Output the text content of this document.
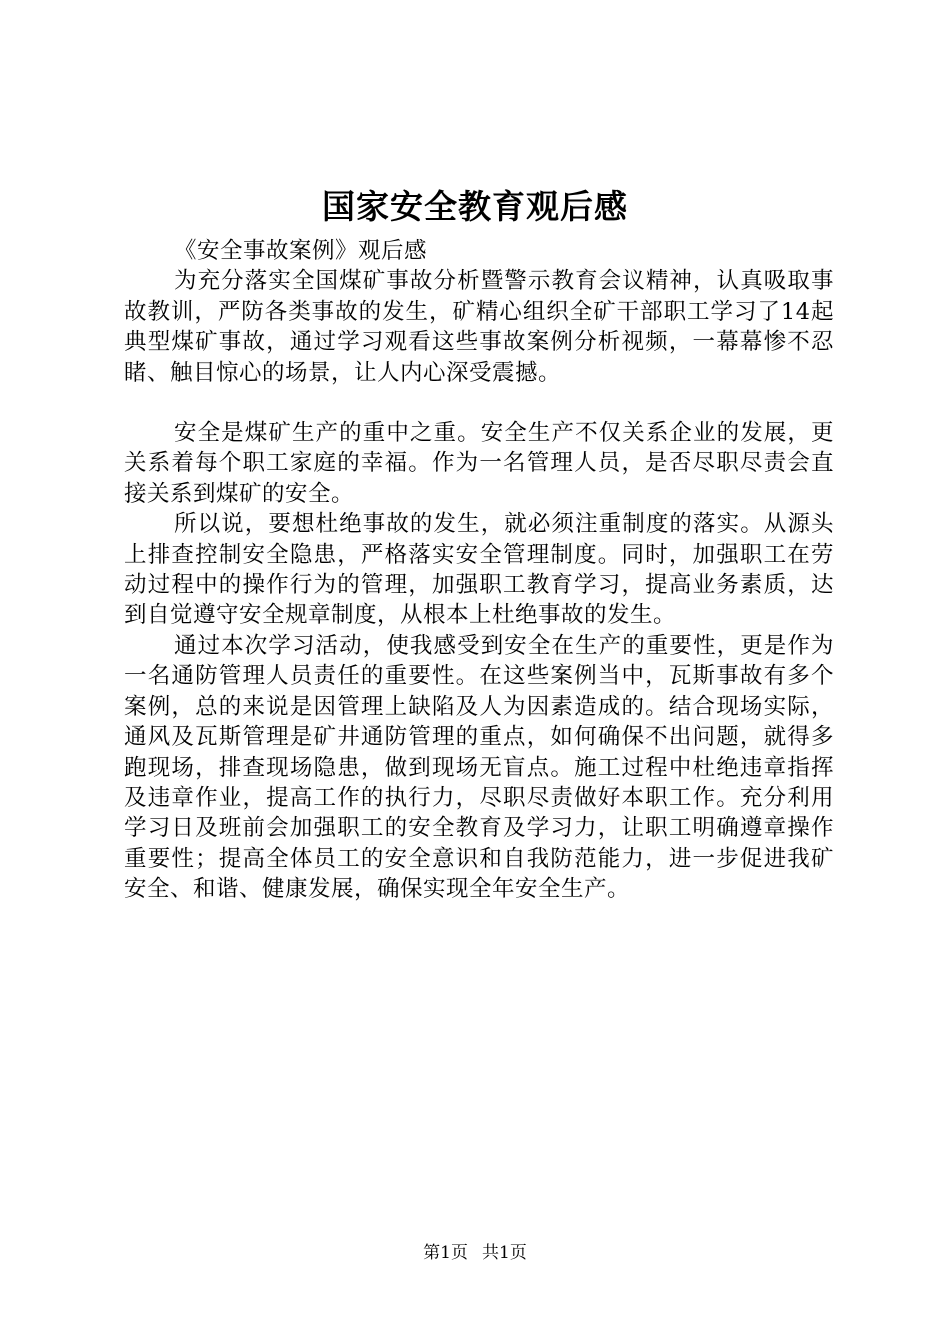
国家安全教育观后感

《安全事故案例》观后感

为充分落实全国煤矿事故分析暨警示教育会议精神，认真吸取事故教训，严防各类事故的发生，矿精心组织全矿干部职工学习了14起典型煤矿事故，通过学习观看这些事故案例分析视频，一幕幕惨不忍睹、触目惊心的场景，让人内心深受震撼。

安全是煤矿生产的重中之重。安全生产不仅关系企业的发展，更关系着每个职工家庭的幸福。作为一名管理人员，是否尽职尽责会直接关系到煤矿的安全。

所以说，要想杜绝事故的发生，就必须注重制度的落实。从源头上排查控制安全隐患，严格落实安全管理制度。同时，加强职工在劳动过程中的操作行为的管理，加强职工教育学习，提高业务素质，达到自觉遵守安全规章制度，从根本上杜绝事故的发生。

通过本次学习活动，使我感受到安全在生产的重要性，更是作为一名通防管理人员责任的重要性。在这些案例当中，瓦斯事故有多个案例，总的来说是因管理上缺陷及人为因素造成的。结合现场实际，通风及瓦斯管理是矿井通防管理的重点，如何确保不出问题，就得多跑现场，排查现场隐患，做到现场无盲点。施工过程中杜绝违章指挥及违章作业，提高工作的执行力，尽职尽责做好本职工作。充分利用学习日及班前会加强职工的安全教育及学习力，让职工明确遵章操作重要性；提高全体员工的安全意识和自我防范能力，进一步促进我矿安全、和谐、健康发展，确保实现全年安全生产。

第1页 共1页
